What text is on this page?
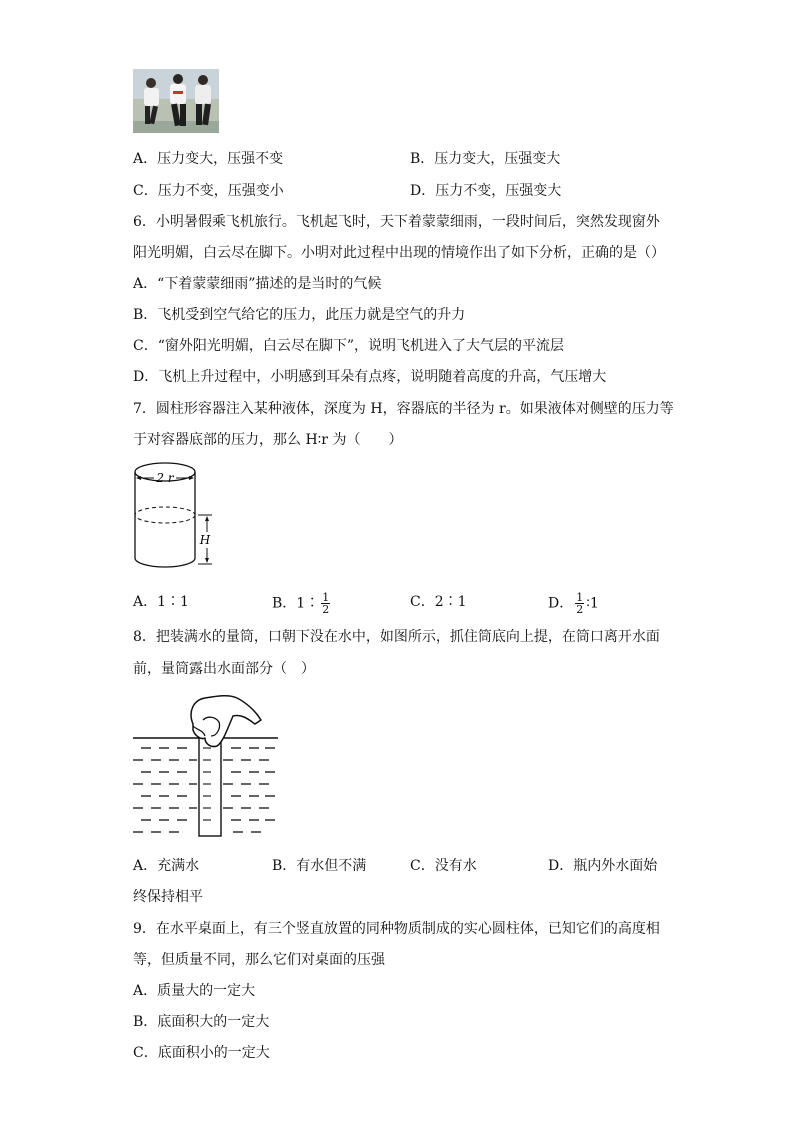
A．压力变大，压强不变	B．压力变大，压强变大
C．压力不变，压强变小	D．压力不变，压强变大
6．小明暑假乘飞机旅行。飞机起飞时，天下着蒙蒙细雨，一段时间后，突然发现窗外
阳光明媚，白云尽在脚下。小明对此过程中出现的情境作出了如下分析，正确的是（）
A．“下着蒙蒙细雨”描述的是当时的气候
B．飞机受到空气给它的压力，此压力就是空气的升力
C．“窗外阳光明媚，白云尽在脚下”，说明飞机进入了大气层的平流层
D．飞机上升过程中，小明感到耳朵有点疼，说明随着高度的升高，气压增大
7．圆柱形容器注入某种液体，深度为 H，容器底的半径为 r。如果液体对侧壁的压力等
于对容器底部的压力，那么 H∶r 为（　　）
2 r
H
A．1∶1	B．1∶ $\frac{1}{2}$	C．2∶1	D． $\frac{1}{2}$ ∶1
8．把装满水的量筒，口朝下没在水中，如图所示，抓住筒底向上提，在筒口离开水面
前，量筒露出水面部分（　）
A．充满水	B．有水但不满	C．没有水	D．瓶内外水面始
终保持相平
9．在水平桌面上，有三个竖直放置的同种物质制成的实心圆柱体，已知它们的高度相
等，但质量不同，那么它们对桌面的压强
A．质量大的一定大
B．底面积大的一定大
C．底面积小的一定大
